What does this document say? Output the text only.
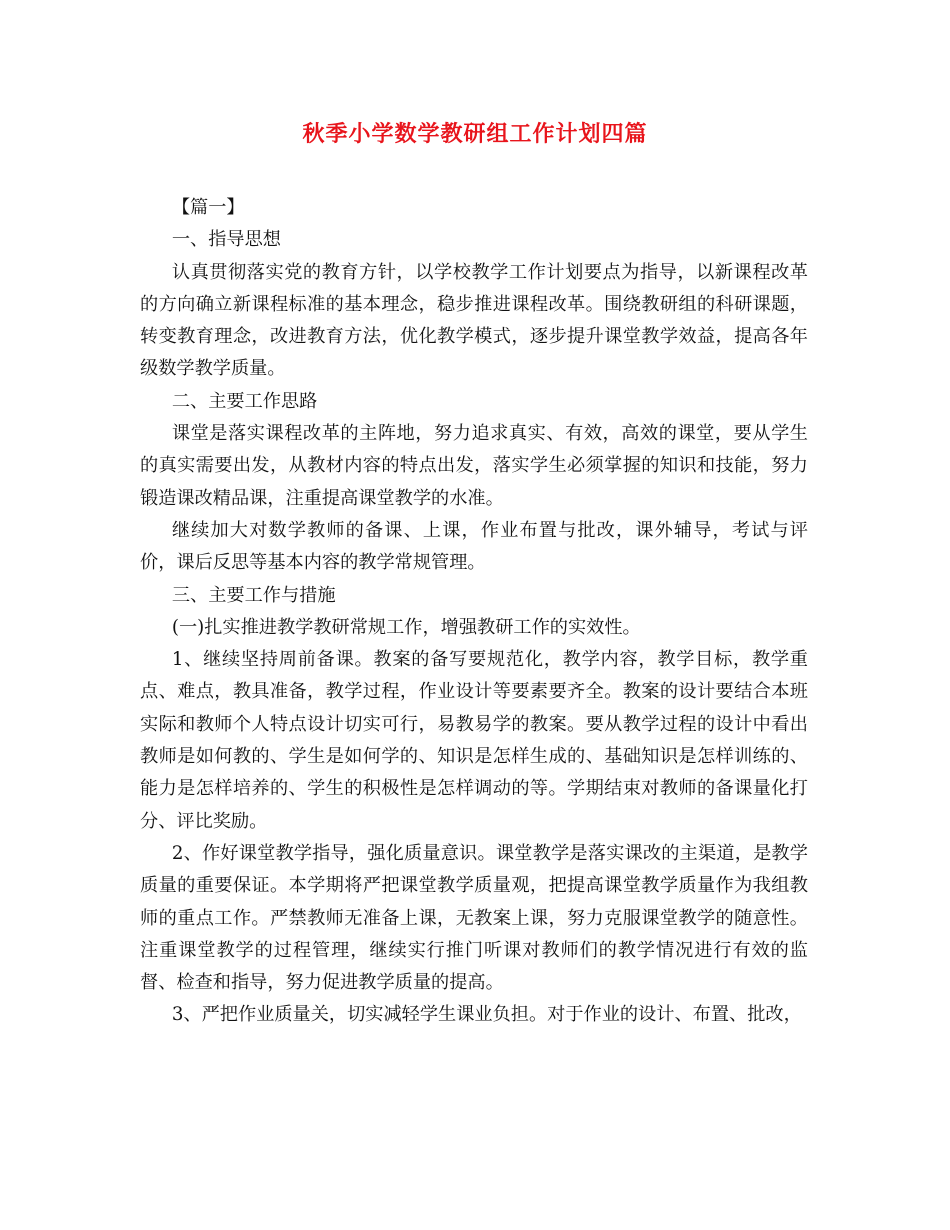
秋季小学数学教研组工作计划四篇

【篇一】

一、指导思想

认真贯彻落实党的教育方针，以学校教学工作计划要点为指导，以新课程改革的方向确立新课程标准的基本理念，稳步推进课程改革。围绕教研组的科研课题，转变教育理念，改进教育方法，优化教学模式，逐步提升课堂教学效益，提高各年级数学教学质量。

二、主要工作思路

课堂是落实课程改革的主阵地，努力追求真实、有效，高效的课堂，要从学生的真实需要出发，从教材内容的特点出发，落实学生必须掌握的知识和技能，努力锻造课改精品课，注重提高课堂教学的水准。

继续加大对数学教师的备课、上课，作业布置与批改，课外辅导，考试与评价，课后反思等基本内容的教学常规管理。

三、主要工作与措施

(一)扎实推进教学教研常规工作，增强教研工作的实效性。

1、继续坚持周前备课。教案的备写要规范化，教学内容，教学目标，教学重点、难点，教具准备，教学过程，作业设计等要素要齐全。教案的设计要结合本班实际和教师个人特点设计切实可行，易教易学的教案。要从教学过程的设计中看出教师是如何教的、学生是如何学的、知识是怎样生成的、基础知识是怎样训练的、能力是怎样培养的、学生的积极性是怎样调动的等。学期结束对教师的备课量化打分、评比奖励。

2、作好课堂教学指导，强化质量意识。课堂教学是落实课改的主渠道，是教学质量的重要保证。本学期将严把课堂教学质量观，把提高课堂教学质量作为我组教师的重点工作。严禁教师无准备上课，无教案上课，努力克服课堂教学的随意性。注重课堂教学的过程管理，继续实行推门听课对教师们的教学情况进行有效的监督、检查和指导，努力促进教学质量的提高。

3、严把作业质量关，切实减轻学生课业负担。对于作业的设计、布置、批改，
